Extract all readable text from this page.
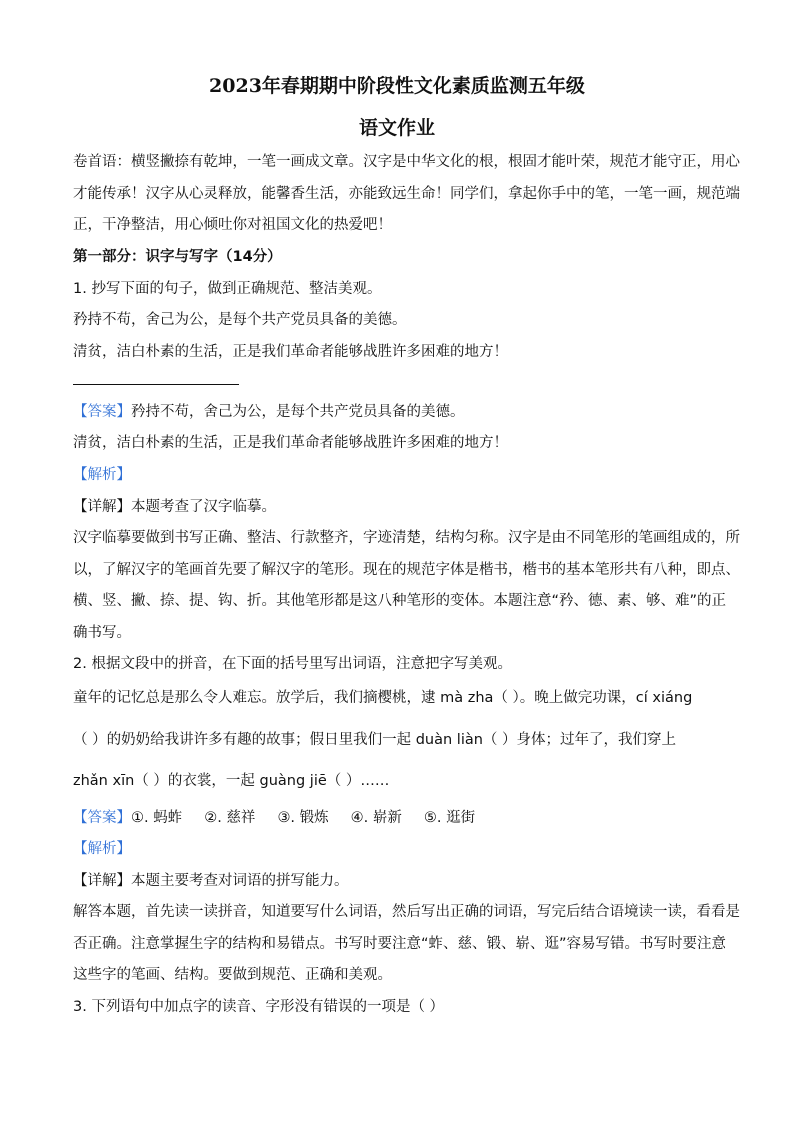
2023年春期期中阶段性文化素质监测五年级
语文作业
卷首语：横竖撇捺有乾坤，一笔一画成文章。汉字是中华文化的根，根固才能叶荣，规范才能守正，用心
才能传承！汉字从心灵释放，能馨香生活，亦能致远生命！同学们，拿起你手中的笔，一笔一画，规范端
正，干净整洁，用心倾吐你对祖国文化的热爱吧！
第一部分：识字与写字（14分）
1. 抄写下面的句子，做到正确规范、整洁美观。
矜持不苟，舍己为公，是每个共产党员具备的美德。
清贫，洁白朴素的生活，正是我们革命者能够战胜许多困难的地方！
【答案】矜持不苟，舍己为公，是每个共产党员具备的美德。
清贫，洁白朴素的生活，正是我们革命者能够战胜许多困难的地方！
【解析】
【详解】本题考查了汉字临摹。
汉字临摹要做到书写正确、整洁、行款整齐，字迹清楚，结构匀称。汉字是由不同笔形的笔画组成的，所
以，了解汉字的笔画首先要了解汉字的笔形。现在的规范字体是楷书，楷书的基本笔形共有八种，即点、
横、竖、撇、捺、提、钩、折。其他笔形都是这八种笔形的变体。本题注意“矜、德、素、够、难”的正
确书写。
2. 根据文段中的拼音，在下面的括号里写出词语，注意把字写美观。
童年的记忆总是那么令人难忘。放学后，我们摘樱桃，逮 mà zha（ ）。晚上做完功课，cí xiáng
（ ）的奶奶给我讲许多有趣的故事；假日里我们一起 duàn liàn（ ）身体；过年了，我们穿上
zhǎn xīn（ ）的衣裳，一起 guàng jiē（ ）……
【答案】①. 蚂蚱 ②. 慈祥 ③. 锻炼 ④. 崭新 ⑤. 逛街
【解析】
【详解】本题主要考查对词语的拼写能力。
解答本题，首先读一读拼音，知道要写什么词语，然后写出正确的词语，写完后结合语境读一读，看看是
否正确。注意掌握生字的结构和易错点。书写时要注意“蚱、慈、锻、崭、逛”容易写错。书写时要注意
这些字的笔画、结构。要做到规范、正确和美观。
3. 下列语句中加点字的读音、字形没有错误的一项是（ ）
